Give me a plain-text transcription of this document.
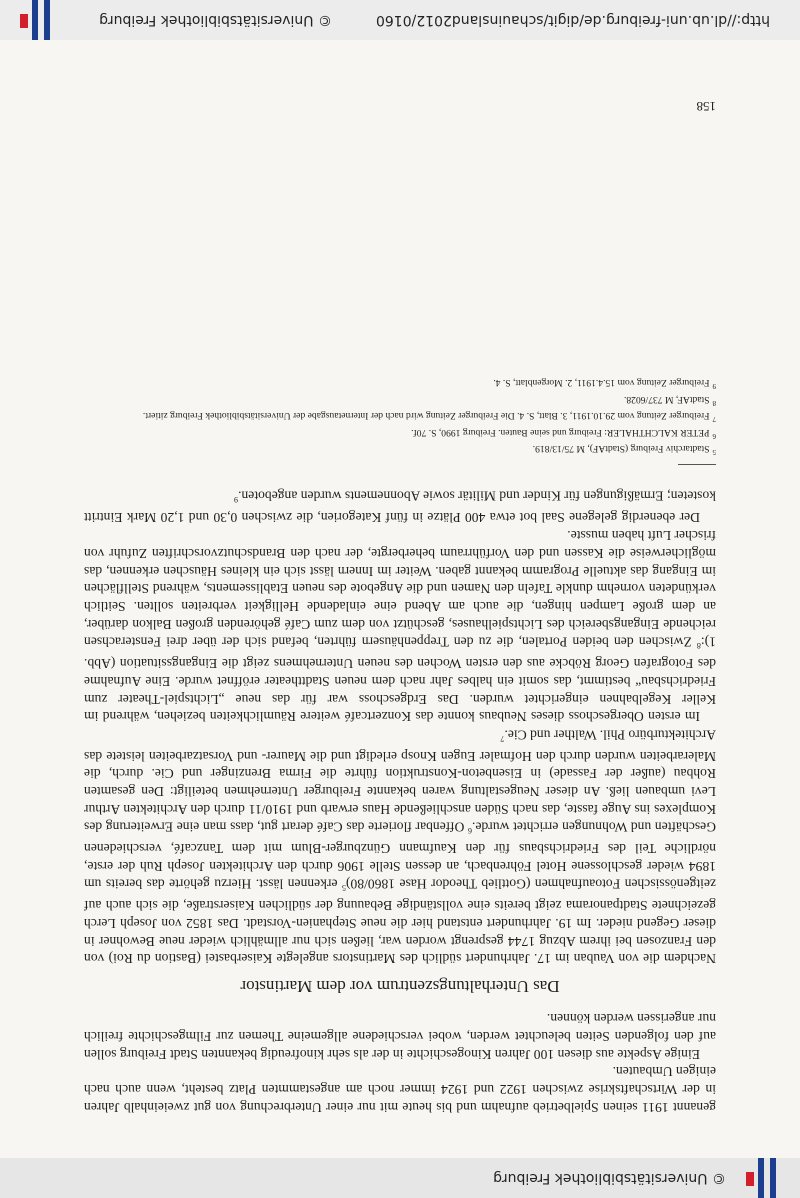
© Universitätsbibliothek Freiburg

genannt 1911 seinen Spielbetrieb aufnahm und bis heute mit nur einer Unterbrechung von gut zweieinhalb Jahren in der Wirtschaftskrise zwischen 1922 und 1924 immer noch am angestammten Platz besteht, wenn auch nach einigen Umbauten.

Einige Aspekte aus diesen 100 Jahren Kinogeschichte in der als sehr kinofreudig bekannten Stadt Freiburg sollen auf den folgenden Seiten beleuchtet werden, wobei verschiedene allgemeine Themen zur Filmgeschichte freilich nur angerissen werden können.

Das Unterhaltungszentrum vor dem Martinstor

Nachdem die von Vauban im 17. Jahrhundert südlich des Martinstors angelegte Kaiserbastei (Bastion du Roi) von den Franzosen bei ihrem Abzug 1744 gesprengt worden war, ließen sich nur allmählich wieder neue Bewohner in dieser Gegend nieder. Im 19. Jahrhundert entstand hier die neue Stephanien-Vorstadt. Das 1852 von Joseph Lerch gezeichnete Stadtpanorama zeigt bereits eine vollständige Bebauung der südlichen Kaiserstraße, die sich auch auf zeitgenössischen Fotoaufnahmen (Gottlieb Theodor Hase 1860/80)$^5$ erkennen lässt. Hierzu gehörte das bereits um 1894 wieder geschlossene Hotel Föhrenbach, an dessen Stelle 1906 durch den Architekten Joseph Ruh der erste, nördliche Teil des Friedrichsbaus für den Kaufmann Günzburger-Blum mit dem Tanzcafé, verschiedenen Geschäften und Wohnungen errichtet wurde.$^6$ Offenbar florierte das Café derart gut, dass man eine Erweiterung des Komplexes ins Auge fasste, das nach Süden anschließende Haus erwarb und 1910/11 durch den Architekten Arthur Levi umbauen ließ. An dieser Neugestaltung waren bekannte Freiburger Unternehmen beteiligt: Den gesamten Rohbau (außer der Fassade) in Eisenbeton-Konstruktion führte die Firma Brenzinger und Cie. durch, die Malerarbeiten wurden durch den Hofmaler Eugen Knosp erledigt und die Maurer- und Vorsatzarbeiten leistete das Architekturbüro Phil. Walther und Cie.$^7$

Im ersten Obergeschoss dieses Neubaus konnte das Konzertcafé weitere Räumlichkeiten beziehen, während im Keller Kegelbahnen eingerichtet wurden. Das Erdgeschoss war für das neue „Lichtspiel-Theater zum Friedrichsbau“ bestimmt, das somit ein halbes Jahr nach dem neuen Stadttheater eröffnet wurde. Eine Aufnahme des Fotografen Georg Röbcke aus den ersten Wochen des neuen Unternehmens zeigt die Eingangssituation (Abb. 1):$^8$ Zwischen den beiden Portalen, die zu den Treppenhäusern führten, befand sich der über drei Fensterachsen reichende Eingangsbereich des Lichtspielhauses, geschützt von dem zum Café gehörenden großen Balkon darüber, an dem große Lampen hingen, die auch am Abend eine einladende Helligkeit verbreiten sollten. Seitlich verkündeten vornehm dunkle Tafeln den Namen und die Angebote des neuen Etablissements, während Stellflächen im Eingang das aktuelle Programm bekannt gaben. Weiter im Innern lässt sich ein kleines Häuschen erkennen, das möglicherweise die Kassen und den Vorführraum beherbergte, der nach den Brandschutzvorschriften Zufuhr von frischer Luft haben musste.

Der ebenerdig gelegene Saal bot etwa 400 Plätze in fünf Kategorien, die zwischen 0,30 und 1,20 Mark Eintritt kosteten; Ermäßigungen für Kinder und Militär sowie Abonnements wurden angeboten.$^9$

$^5$Stadtarchiv Freiburg (StadtAF), M 75/13/819.
$^6$PETER KALCHTHALER: Freiburg und seine Bauten. Freiburg 1990, S. 70f.
$^7$Freiburger Zeitung vom 29.10.1911, 3. Blatt, S. 4. Die Freiburger Zeitung wird nach der Internetausgabe der Universitätsbibliothek Freiburg zitiert.
$^8$StadtAF, M 737/6028.
$^9$Freiburger Zeitung vom 15.4.1911, 2. Morgenblatt, S. 4.
158
http://dl.ub.uni-freiburg.de/digit/schauinsland2012/0160
© Universitätsbibliothek Freiburg
